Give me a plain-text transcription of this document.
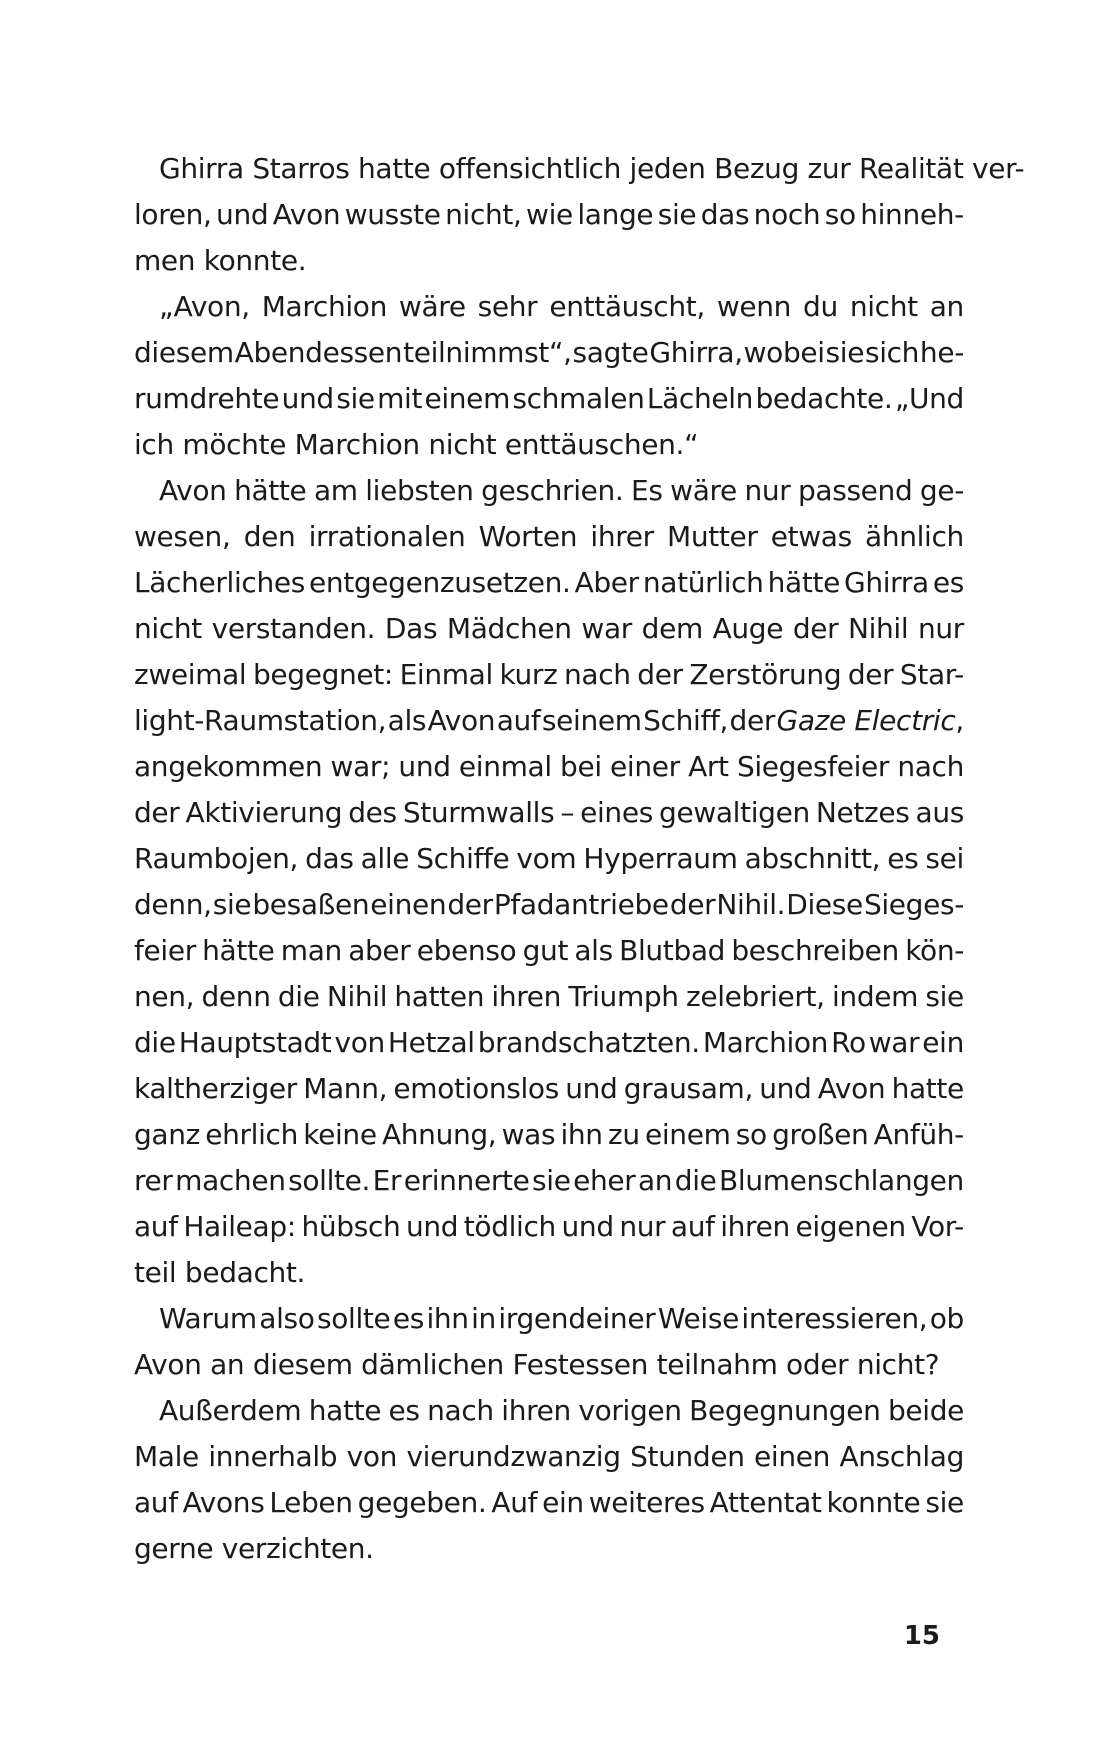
Ghirra Starros hatte offensichtlich jeden Bezug zur Realität ver-
loren, und Avon wusste nicht, wie lange sie das noch so hinneh-
men konnte.
„Avon, Marchion wäre sehr enttäuscht, wenn du nicht an
diesem Abendessen teilnimmst“, sagte Ghirra, wobei sie sich he-
rumdrehte und sie mit einem schmalen Lächeln bedachte. „Und
ich möchte Marchion nicht enttäuschen.“
Avon hätte am liebsten geschrien. Es wäre nur passend ge-
wesen, den irrationalen Worten ihrer Mutter etwas ähnlich
Lächerliches entgegenzusetzen. Aber natürlich hätte Ghirra es
nicht verstanden. Das Mädchen war dem Auge der Nihil nur
zweimal begegnet: Einmal kurz nach der Zerstörung der Star-
light-Raumstation, als Avon auf seinem Schiff, der Gaze Electric,
angekommen war; und einmal bei einer Art Siegesfeier nach
der Aktivierung des Sturmwalls – eines gewaltigen Netzes aus
Raumbojen, das alle Schiffe vom Hyperraum abschnitt, es sei
denn, sie besaßen einen der Pfadantriebe der Nihil. Diese Sieges-
feier hätte man aber ebenso gut als Blutbad beschreiben kön-
nen, denn die Nihil hatten ihren Triumph zelebriert, indem sie
die Hauptstadt von Hetzal brandschatzten. Marchion Ro war ein
kaltherziger Mann, emotionslos und grausam, und Avon hatte
ganz ehrlich keine Ahnung, was ihn zu einem so großen Anfüh-
rer machen sollte. Er erinnerte sie eher an die Blumenschlangen
auf Haileap: hübsch und tödlich und nur auf ihren eigenen Vor-
teil bedacht.
Warum also sollte es ihn in irgendeiner Weise interessieren, ob
Avon an diesem dämlichen Festessen teilnahm oder nicht?
Außerdem hatte es nach ihren vorigen Begegnungen beide
Male innerhalb von vierundzwanzig Stunden einen Anschlag
auf Avons Leben gegeben. Auf ein weiteres Attentat konnte sie
gerne verzichten.
15
